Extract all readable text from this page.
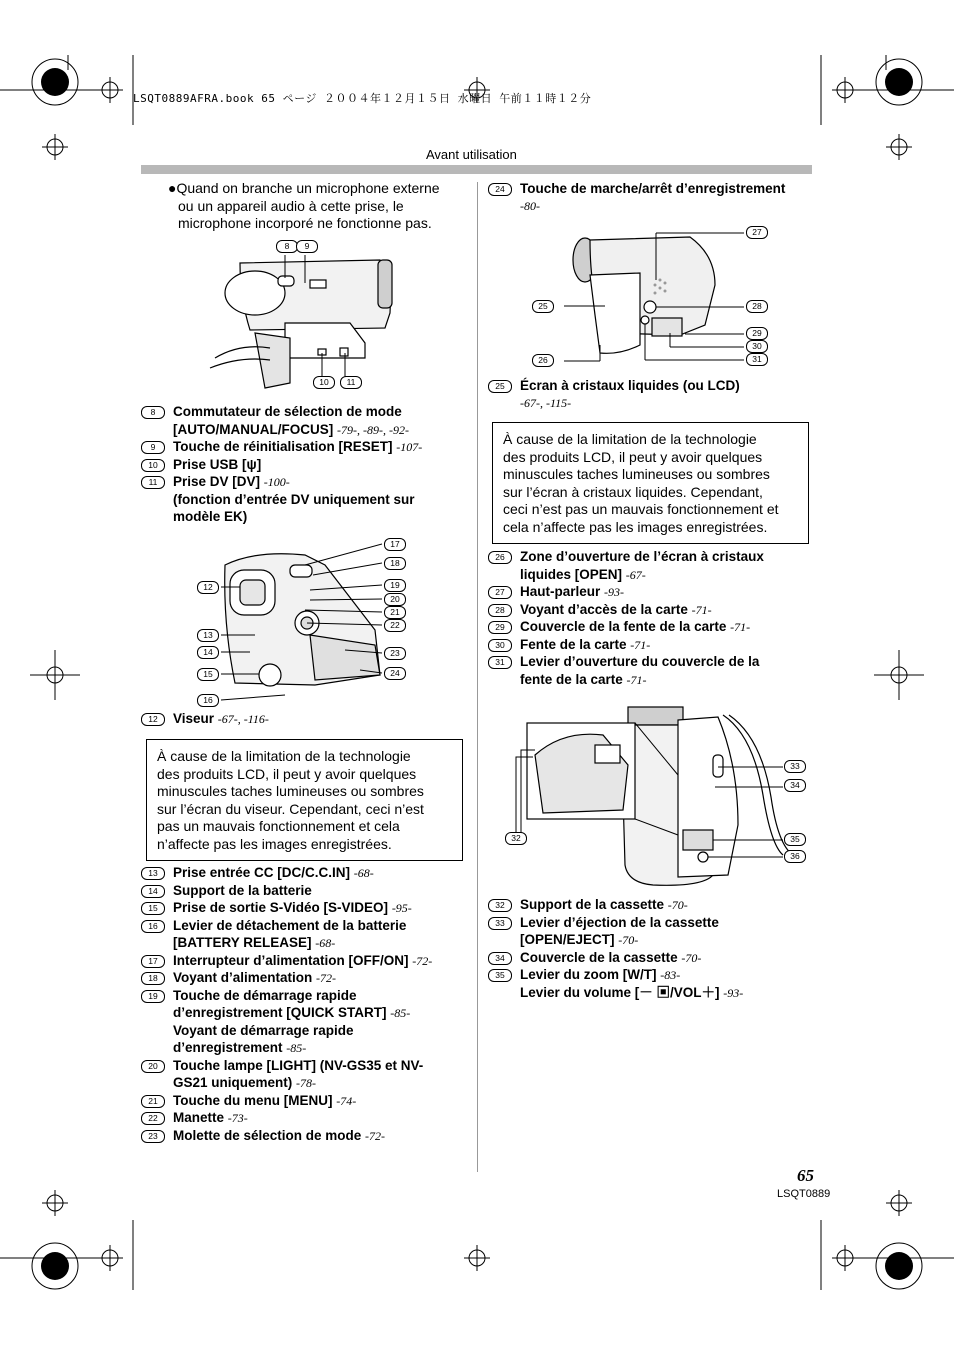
LSQT0889AFRA.book 65 ページ ２００４年１２月１５日 水曜日 午前１１時１２分
Avant utilisation
●Quand on branche un microphone externe
ou un appareil audio à cette prise, le
microphone incorporé ne fonctionne pas.
8	9
10	11
8	Commutateur de sélection de mode
[AUTO/MANUAL/FOCUS] -79-, -89-, -92-
9	Touche de réinitialisation [RESET] -107-
10	Prise USB [ψ]
11	Prise DV [DV] -100-
(fonction d’entrée DV uniquement sur
modèle EK)
12
13
14
15
16
17
18
19
20
21
22
23
24
12	Viseur -67-, -116-
À cause de la limitation de la technologie
des produits LCD, il peut y avoir quelques
minuscules taches lumineuses ou sombres
sur l’écran du viseur. Cependant, ceci n’est
pas un mauvais fonctionnement et cela
n’affecte pas les images enregistrées.
13	Prise entrée CC [DC/C.C.IN] -68-
14	Support de la batterie
15	Prise de sortie S-Vidéo [S-VIDEO] -95-
16	Levier de détachement de la batterie
[BATTERY RELEASE] -68-
17	Interrupteur d’alimentation [OFF/ON] -72-
18	Voyant d’alimentation -72-
19	Touche de démarrage rapide
d’enregistrement [QUICK START] -85-
Voyant de démarrage rapide
d’enregistrement -85-
20	Touche lampe [LIGHT] (NV-GS35 et NV-
GS21 uniquement) -78-
21	Touche du menu [MENU] -74-
22	Manette -73-
23	Molette de sélection de mode -72-
24	Touche de marche/arrêt d’enregistrement
-80-
25
26
27
28
29
30
31
25	Écran à cristaux liquides (ou LCD)
-67-, -115-
À cause de la limitation de la technologie
des produits LCD, il peut y avoir quelques
minuscules taches lumineuses ou sombres
sur l’écran à cristaux liquides. Cependant,
ceci n’est pas un mauvais fonctionnement et
cela n’affecte pas les images enregistrées.
26	Zone d’ouverture de l’écran à cristaux
liquides [OPEN] -67-
27	Haut-parleur -93-
28	Voyant d’accès de la carte -71-
29	Couvercle de la fente de la carte -71-
30	Fente de la carte -71-
31	Levier d’ouverture du couvercle de la
fente de la carte -71-
32
33
34
35
36
32	Support de la cassette -70-
33	Levier d’éjection de la cassette
[OPEN/EJECT] -70-
34	Couvercle de la cassette -70-
35	Levier du zoom [W/T] -83-
Levier du volume [－ ▣/VOL＋] -93-
65
LSQT0889
